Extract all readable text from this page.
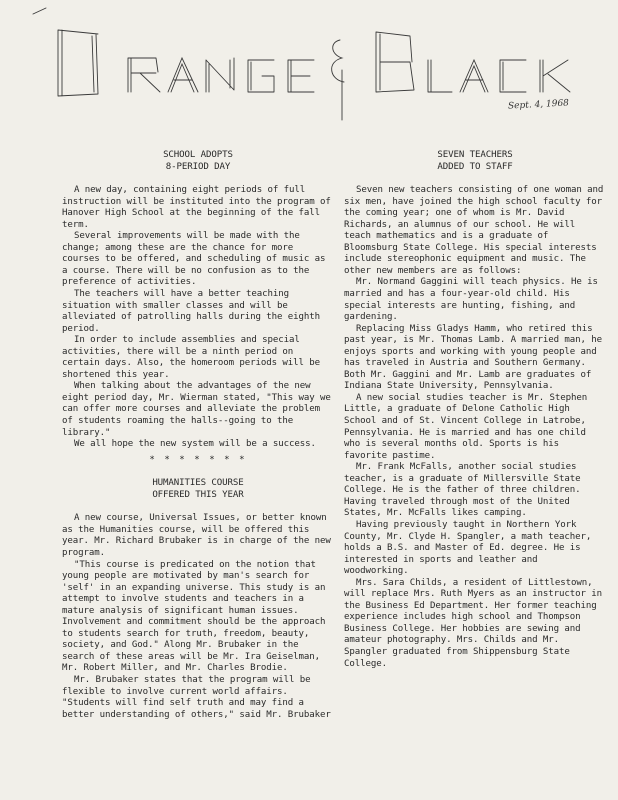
Sept. 4, 1968

SCHOOL ADOPTS

8-PERIOD DAY

A new day, containing eight periods of full instruction will be instituted into the program of Hanover High School at the beginning of the fall term.

Several improvements will be made with the change; among these are the chance for more courses to be offered, and scheduling of music as a course. There will be no confusion as to the preference of activities.

The teachers will have a better teaching situation with smaller classes and will be alleviated of patrolling halls during the eighth period.

In order to include assemblies and special activities, there will be a ninth period on certain days. Also, the homeroom periods will be shortened this year.

When talking about the advantages of the new eight period day, Mr. Wierman stated, "This way we can offer more courses and alleviate the problem of students roaming the halls--going to the library."

We all hope the new system will be a success.

* * * * * * *

HUMANITIES COURSE

OFFERED THIS YEAR

A new course, Universal Issues, or better known as the Humanities course, will be offered this year. Mr. Richard Brubaker is in charge of the new program.

"This course is predicated on the notion that young people are motivated by man's search for 'self' in an expanding universe. This study is an attempt to involve students and teachers in a mature analysis of significant human issues. Involvement and commitment should be the approach to students search for truth, freedom, beauty, society, and God." Along Mr. Brubaker in the search of these areas will be Mr. Ira Geiselman, Mr. Robert Miller, and Mr. Charles Brodie.

Mr. Brubaker states that the program will be flexible to involve current world affairs. "Students will find self truth and may find a better understanding of others," said Mr. Brubaker

SEVEN TEACHERS

ADDED TO STAFF

Seven new teachers consisting of one woman and six men, have joined the high school faculty for the coming year; one of whom is Mr. David Richards, an alumnus of our school. He will teach mathematics and is a graduate of Bloomsburg State College. His special interests include stereophonic equipment and music. The other new members are as follows:

Mr. Normand Gaggini will teach physics. He is married and has a four-year-old child. His special interests are hunting, fishing, and gardening.

Replacing Miss Gladys Hamm, who retired this past year, is Mr. Thomas Lamb. A married man, he enjoys sports and working with young people and has traveled in Austria and Southern Germany. Both Mr. Gaggini and Mr. Lamb are graduates of Indiana State University, Pennsylvania.

A new social studies teacher is Mr. Stephen Little, a graduate of Delone Catholic High School and of St. Vincent College in Latrobe, Pennsylvania. He is married and has one child who is several months old. Sports is his favorite pastime.

Mr. Frank McFalls, another social studies teacher, is a graduate of Millersville State College. He is the father of three children. Having traveled through most of the United States, Mr. McFalls likes camping.

Having previously taught in Northern York County, Mr. Clyde H. Spangler, a math teacher, holds a B.S. and Master of Ed. degree. He is interested in sports and leather and woodworking.

Mrs. Sara Childs, a resident of Littlestown, will replace Mrs. Ruth Myers as an instructor in the Business Ed Department. Her former teaching experience includes high school and Thompson Business College. Her hobbies are sewing and amateur photography. Mrs. Childs and Mr. Spangler graduated from Shippensburg State College.
